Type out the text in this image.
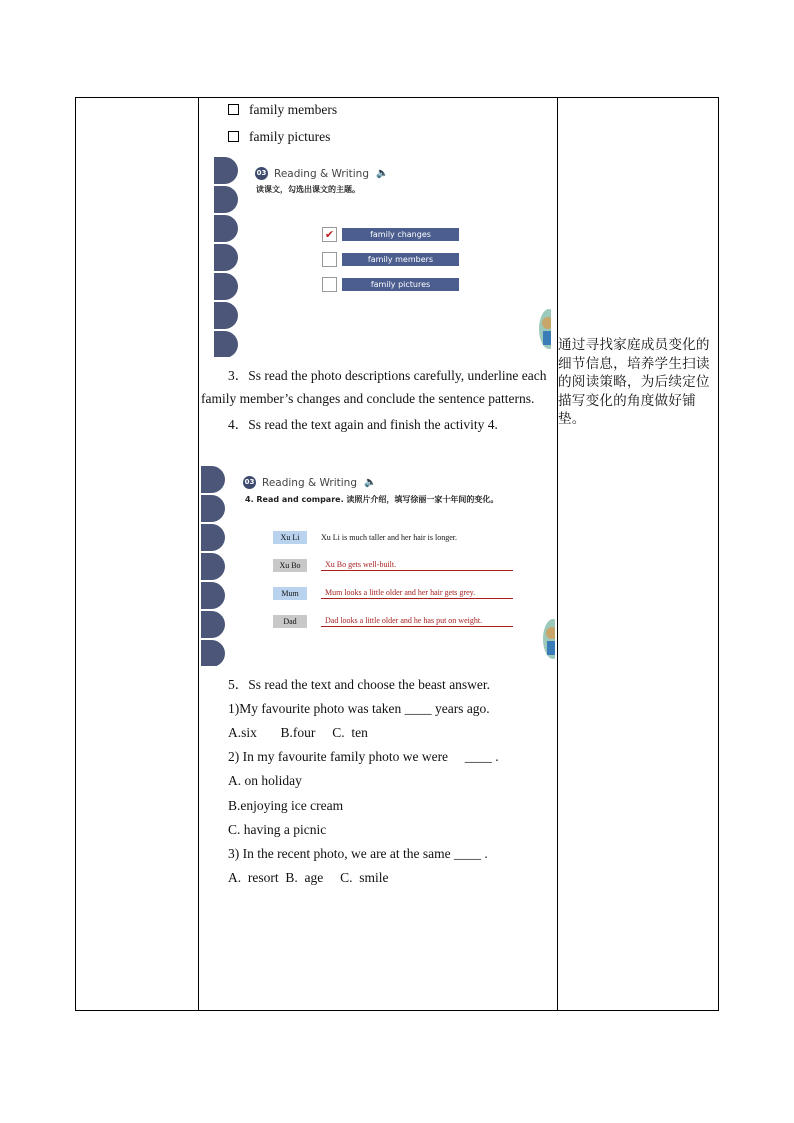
family members
family pictures
03 Reading & Writing 🔈
读课文，勾选出课文的主题。
✔	family changes
family members
family pictures
3．Ss read the photo descriptions carefully, underline each
family member’s changes and conclude the sentence patterns.
4．Ss read the text again and finish the activity 4.
03 Reading & Writing 🔈
4. Read and compare. 读照片介绍，填写徐丽一家十年间的变化。
Xu Li	Xu Li is much taller and her hair is longer.
Xu Bo	Xu Bo gets well-built.
Mum	Mum looks a little older and her hair gets grey.
Dad	Dad looks a little older and he has put on weight.
5．Ss read the text and choose the beast answer.
1)My favourite photo was taken ____ years ago.
A.six       B.four     C.  ten
2) In my favourite family photo we were     ____ .
A. on holiday
B.enjoying ice cream
C. having a picnic
3) In the recent photo, we are at the same ____ .
A.  resort  B.  age     C.  smile
通过寻找家庭成员变化的
细节信息，培养学生扫读
的阅读策略，为后续定位
描写变化的角度做好铺垫。
